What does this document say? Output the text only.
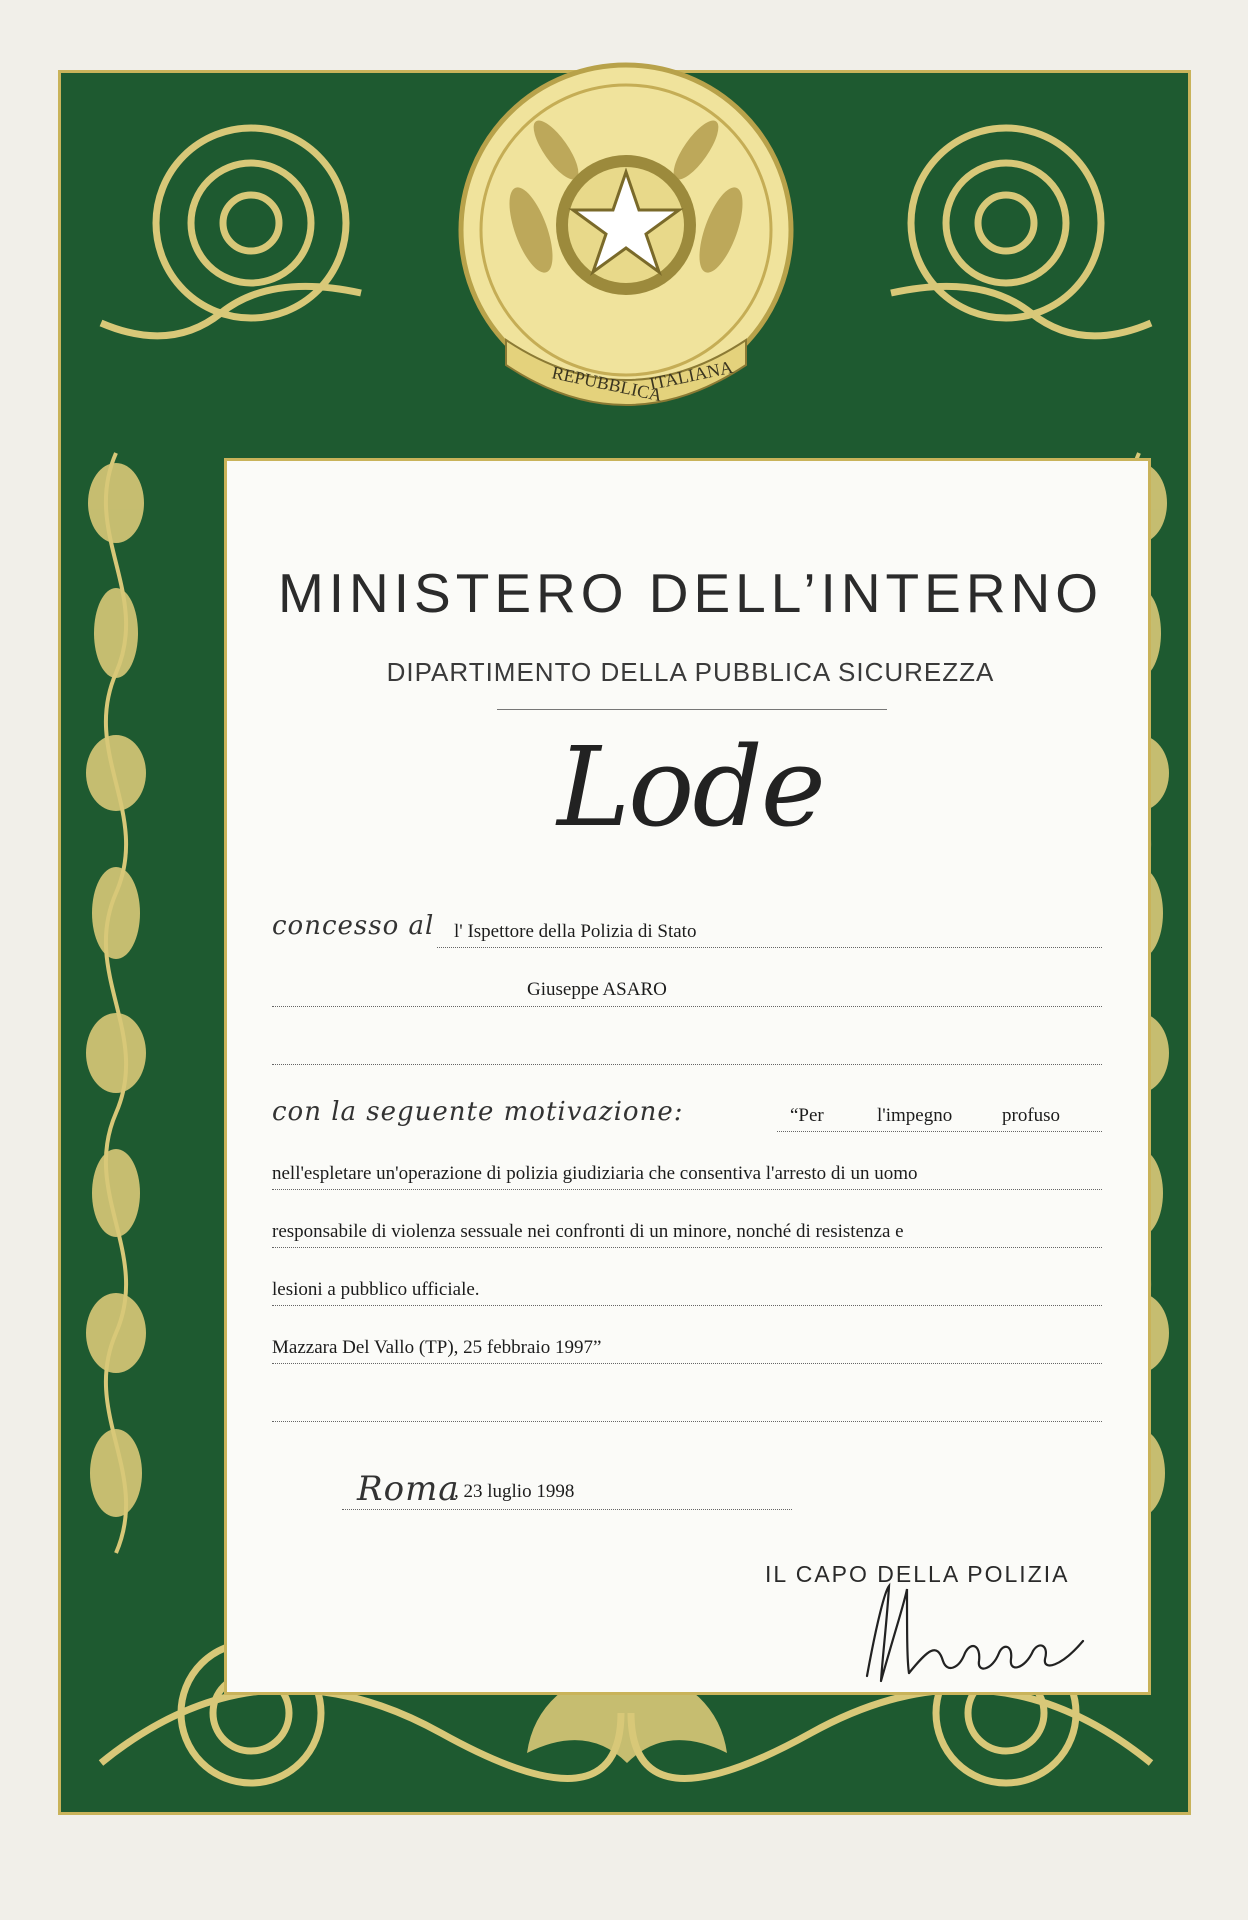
MINISTERO DELL’INTERNO
DIPARTIMENTO DELLA PUBBLICA SICUREZZA
Lode
concesso al l' Ispettore della Polizia di Stato
Giuseppe ASARO
con la seguente motivazione:	“Per	l'impegno	profuso
nell'espletare un'operazione di polizia giudiziaria che consentiva l'arresto di un uomo
responsabile di violenza sessuale nei confronti di un minore, nonché di resistenza e
lesioni a pubblico ufficiale.
Mazzara Del Vallo (TP), 25 febbraio 1997”
Roma
, 23 luglio 1998
IL CAPO DELLA POLIZIA
REPUBBLICA
ITALIANA
